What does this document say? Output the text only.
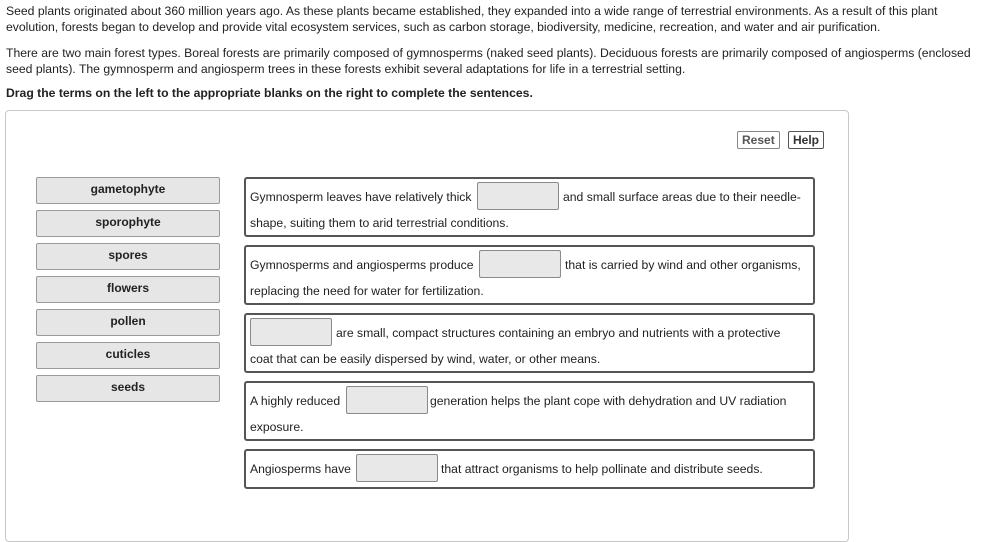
Seed plants originated about 360 million years ago. As these plants became established, they expanded into a wide range of terrestrial environments. As a result of this plant evolution, forests began to develop and provide vital ecosystem services, such as carbon storage, biodiversity, medicine, recreation, and water and air purification.

There are two main forest types. Boreal forests are primarily composed of gymnosperms (naked seed plants). Deciduous forests are primarily composed of angiosperms (enclosed seed plants). The gymnosperm and angiosperm trees in these forests exhibit several adaptations for life in a terrestrial setting.

Drag the terms on the left to the appropriate blanks on the right to complete the sentences.
Reset	Help
gametophyte
sporophyte
spores
flowers
pollen
cuticles
seeds
Gymnosperm leaves have relatively thick	and small surface areas due to their needle-
shape, suiting them to arid terrestrial conditions.
Gymnosperms and angiosperms produce	that is carried by wind and other organisms,
replacing the need for water for fertilization.
are small, compact structures containing an embryo and nutrients with a protective
coat that can be easily dispersed by wind, water, or other means.
A highly reduced	generation helps the plant cope with dehydration and UV radiation
exposure.
Angiosperms have	that attract organisms to help pollinate and distribute seeds.
